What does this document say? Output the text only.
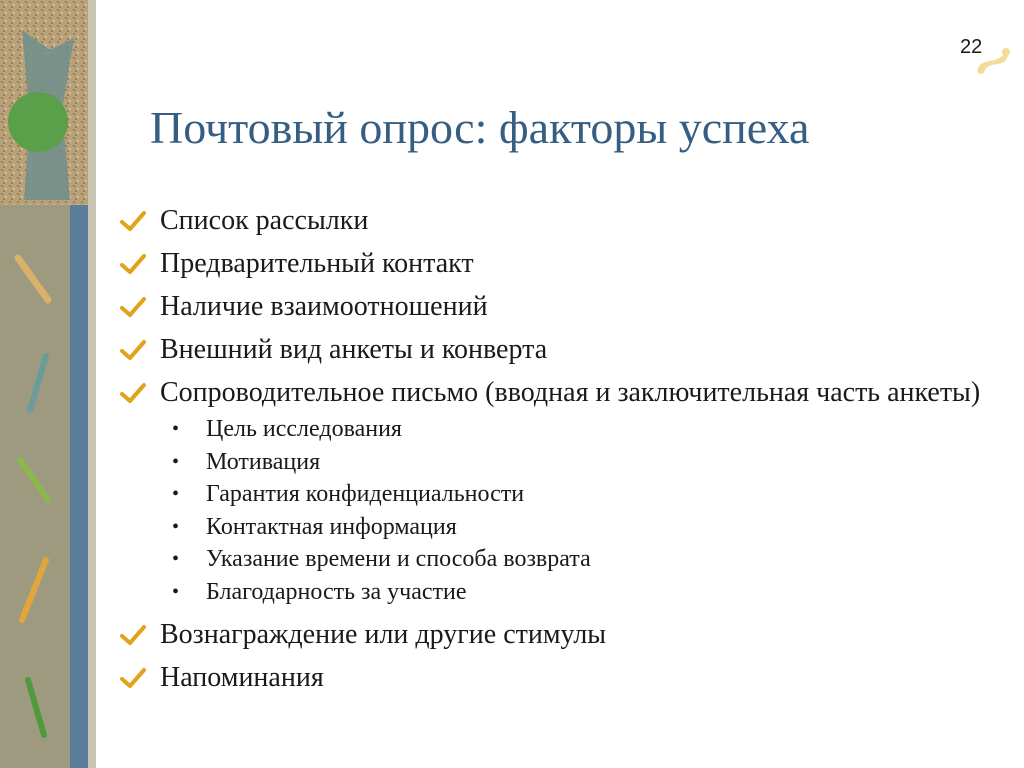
22
Почтовый опрос: факторы успеха
Список рассылки
Предварительный контакт
Наличие взаимоотношений
Внешний вид анкеты и конверта
Сопроводительное письмо (вводная и заключительная часть анкеты)
• Цель исследования
• Мотивация
• Гарантия конфиденциальности
• Контактная информация
• Указание времени и способа возврата
• Благодарность за участие
Вознаграждение или другие стимулы
Напоминания
